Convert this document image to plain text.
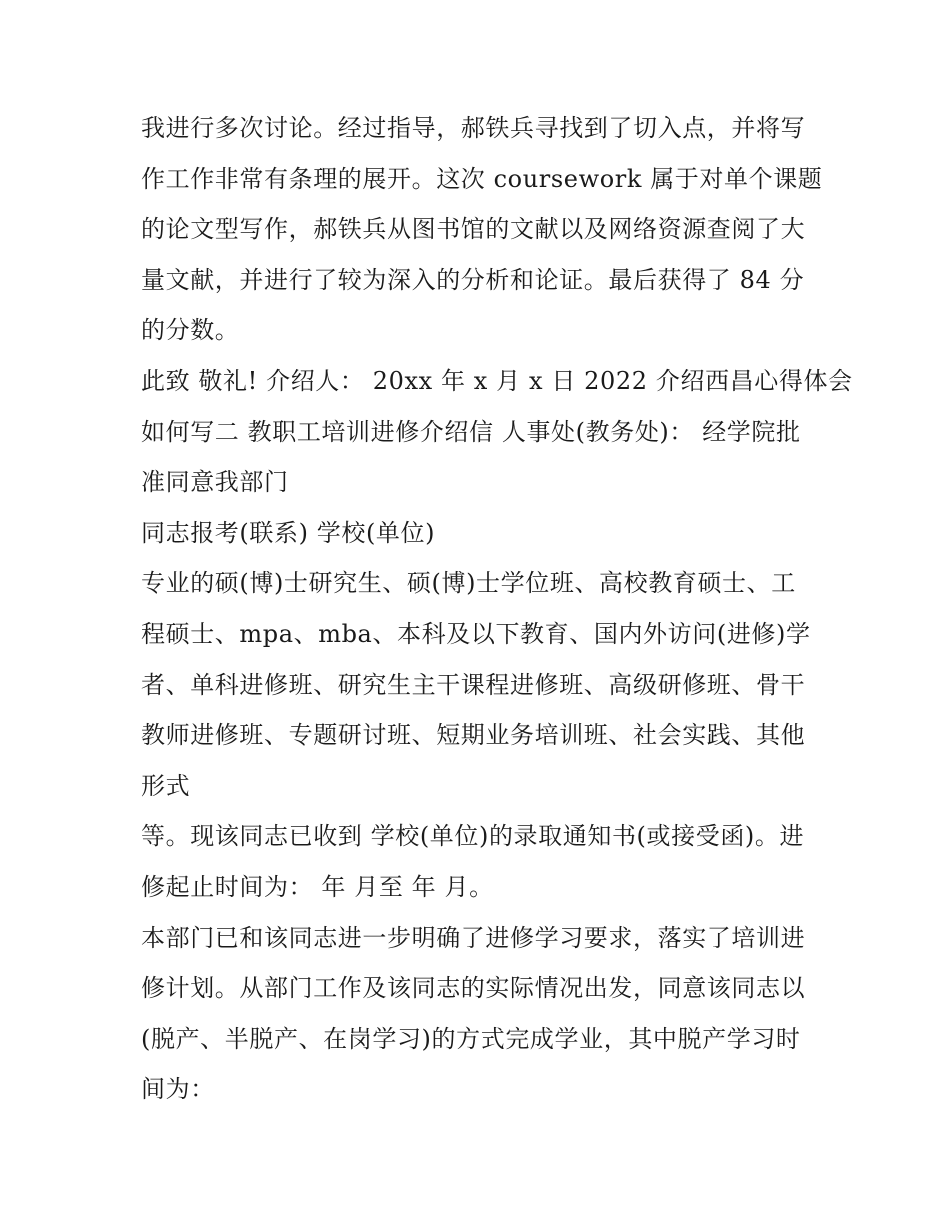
我进行多次讨论。经过指导，郝铁兵寻找到了切入点，并将写
作工作非常有条理的展开。这次 coursework 属于对单个课题
的论文型写作，郝铁兵从图书馆的文献以及网络资源查阅了大
量文献，并进行了较为深入的分析和论证。最后获得了 84 分
的分数。
此致 敬礼! 介绍人： 20xx 年 x 月 x 日 2022 介绍西昌心得体会
如何写二 教职工培训进修介绍信 人事处(教务处)： 经学院批
准同意我部门
同志报考(联系) 学校(单位)
专业的硕(博)士研究生、硕(博)士学位班、高校教育硕士、工
程硕士、mpa、mba、本科及以下教育、国内外访问(进修)学
者、单科进修班、研究生主干课程进修班、高级研修班、骨干
教师进修班、专题研讨班、短期业务培训班、社会实践、其他
形式
等。现该同志已收到 学校(单位)的录取通知书(或接受函)。进
修起止时间为： 年 月至 年 月。
本部门已和该同志进一步明确了进修学习要求，落实了培训进
修计划。从部门工作及该同志的实际情况出发，同意该同志以
(脱产、半脱产、在岗学习)的方式完成学业，其中脱产学习时
间为：
